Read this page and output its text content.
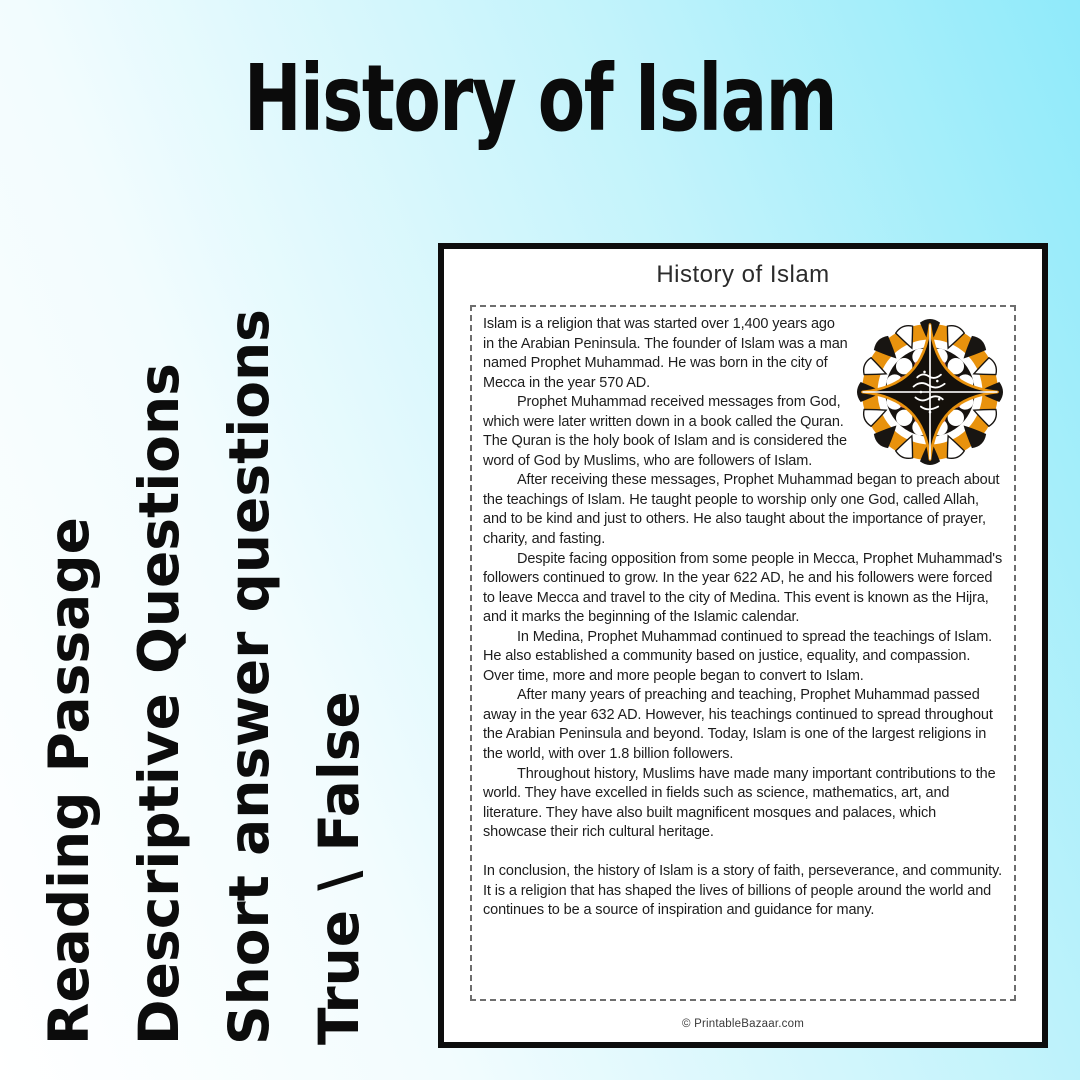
History of Islam
Reading Passage Descriptive Questions Short answer questions True \ False
History of Islam

Islam is a religion that was started over 1,400 years ago in the Arabian Peninsula. The founder of Islam was a man named Prophet Muhammad. He was born in the city of Mecca in the year 570 AD.

Prophet Muhammad received messages from God, which were later written down in a book called the Quran. The Quran is the holy book of Islam and is considered the word of God by Muslims, who are followers of Islam.

After receiving these messages, Prophet Muhammad began to preach about the teachings of Islam. He taught people to worship only one God, called Allah, and to be kind and just to others. He also taught about the importance of prayer, charity, and fasting.

Despite facing opposition from some people in Mecca, Prophet Muhammad's followers continued to grow. In the year 622 AD, he and his followers were forced to leave Mecca and travel to the city of Medina. This event is known as the Hijra, and it marks the beginning of the Islamic calendar.

In Medina, Prophet Muhammad continued to spread the teachings of Islam. He also established a community based on justice, equality, and compassion. Over time, more and more people began to convert to Islam.

After many years of preaching and teaching, Prophet Muhammad passed away in the year 632 AD. However, his teachings continued to spread throughout the Arabian Peninsula and beyond. Today, Islam is one of the largest religions in the world, with over 1.8 billion followers.

Throughout history, Muslims have made many important contributions to the world. They have excelled in fields such as science, mathematics, art, and literature. They have also built magnificent mosques and palaces, which showcase their rich cultural heritage.

In conclusion, the history of Islam is a story of faith, perseverance, and community. It is a religion that has shaped the lives of billions of people around the world and continues to be a source of inspiration and guidance for many.

© PrintableBazaar.com
